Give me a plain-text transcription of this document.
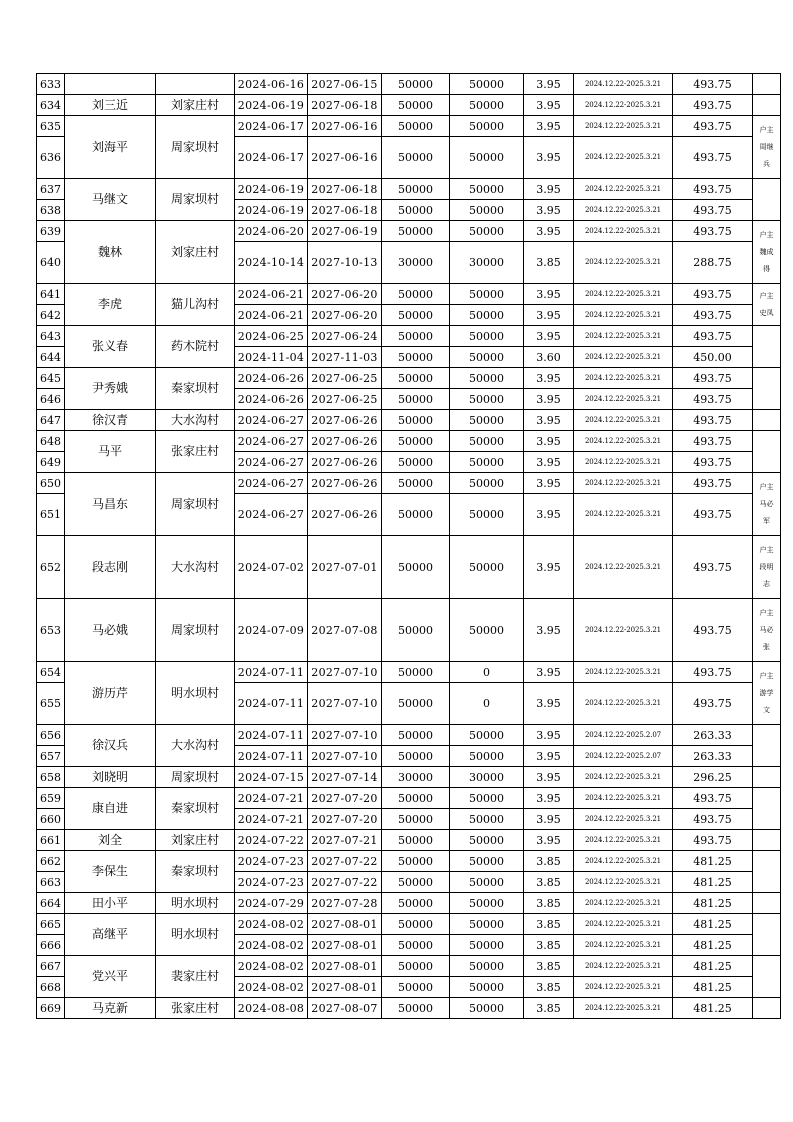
633			2024-06-16	2027-06-15	50000	50000	3.95	2024.12.22-2025.3.21	493.75	
634	刘三近	刘家庄村	2024-06-19	2027-06-18	50000	50000	3.95	2024.12.22-2025.3.21	493.75	
635	刘海平	周家坝村	2024-06-17	2027-06-16	50000	50000	3.95	2024.12.22-2025.3.21	493.75	户主
周继
兵

636			2024-06-17	2027-06-16	50000	50000	3.95	2024.12.22-2025.3.21	493.75	
637	马继文	周家坝村	2024-06-19	2027-06-18	50000	50000	3.95	2024.12.22-2025.3.21	493.75	
638			2024-06-19	2027-06-18	50000	50000	3.95	2024.12.22-2025.3.21	493.75	
639	魏林	刘家庄村	2024-06-20	2027-06-19	50000	50000	3.95	2024.12.22-2025.3.21	493.75	户主
魏成
得

640			2024-10-14	2027-10-13	30000	30000	3.85	2024.12.22-2025.3.21	288.75	
641	李虎	猫儿沟村	2024-06-21	2027-06-20	50000	50000	3.95	2024.12.22-2025.3.21	493.75	户主
史凤

642			2024-06-21	2027-06-20	50000	50000	3.95	2024.12.22-2025.3.21	493.75	
643	张义春	药木院村	2024-06-25	2027-06-24	50000	50000	3.95	2024.12.22-2025.3.21	493.75	
644			2024-11-04	2027-11-03	50000	50000	3.60	2024.12.22-2025.3.21	450.00	
645	尹秀娥	秦家坝村	2024-06-26	2027-06-25	50000	50000	3.95	2024.12.22-2025.3.21	493.75	
646			2024-06-26	2027-06-25	50000	50000	3.95	2024.12.22-2025.3.21	493.75	
647	徐汉青	大水沟村	2024-06-27	2027-06-26	50000	50000	3.95	2024.12.22-2025.3.21	493.75	
648	马平	张家庄村	2024-06-27	2027-06-26	50000	50000	3.95	2024.12.22-2025.3.21	493.75	
649			2024-06-27	2027-06-26	50000	50000	3.95	2024.12.22-2025.3.21	493.75	
650	马昌东	周家坝村	2024-06-27	2027-06-26	50000	50000	3.95	2024.12.22-2025.3.21	493.75	户主
马必
军

651			2024-06-27	2027-06-26	50000	50000	3.95	2024.12.22-2025.3.21	493.75	
652	段志刚	大水沟村	2024-07-02	2027-07-01	50000	50000	3.95	2024.12.22-2025.3.21	493.75	户主
段明
志

653	马必娥	周家坝村	2024-07-09	2027-07-08	50000	50000	3.95	2024.12.22-2025.3.21	493.75	户主
马必
张

654	游历芹	明水坝村	2024-07-11	2027-07-10	50000	0	3.95	2024.12.22-2025.3.21	493.75	户主
游学
文

655			2024-07-11	2027-07-10	50000	0	3.95	2024.12.22-2025.3.21	493.75	
656	徐汉兵	大水沟村	2024-07-11	2027-07-10	50000	50000	3.95	2024.12.22-2025.2.07	263.33	
657			2024-07-11	2027-07-10	50000	50000	3.95	2024.12.22-2025.2.07	263.33	
658	刘晓明	周家坝村	2024-07-15	2027-07-14	30000	30000	3.95	2024.12.22-2025.3.21	296.25	
659	康自进	秦家坝村	2024-07-21	2027-07-20	50000	50000	3.95	2024.12.22-2025.3.21	493.75	
660			2024-07-21	2027-07-20	50000	50000	3.95	2024.12.22-2025.3.21	493.75	
661	刘全	刘家庄村	2024-07-22	2027-07-21	50000	50000	3.95	2024.12.22-2025.3.21	493.75	
662	李保生	秦家坝村	2024-07-23	2027-07-22	50000	50000	3.85	2024.12.22-2025.3.21	481.25	
663			2024-07-23	2027-07-22	50000	50000	3.85	2024.12.22-2025.3.21	481.25	
664	田小平	明水坝村	2024-07-29	2027-07-28	50000	50000	3.85	2024.12.22-2025.3.21	481.25	
665	高继平	明水坝村	2024-08-02	2027-08-01	50000	50000	3.85	2024.12.22-2025.3.21	481.25	
666			2024-08-02	2027-08-01	50000	50000	3.85	2024.12.22-2025.3.21	481.25	
667	党兴平	裴家庄村	2024-08-02	2027-08-01	50000	50000	3.85	2024.12.22-2025.3.21	481.25	
668			2024-08-02	2027-08-01	50000	50000	3.85	2024.12.22-2025.3.21	481.25	
669	马克新	张家庄村	2024-08-08	2027-08-07	50000	50000	3.85	2024.12.22-2025.3.21	481.25	
